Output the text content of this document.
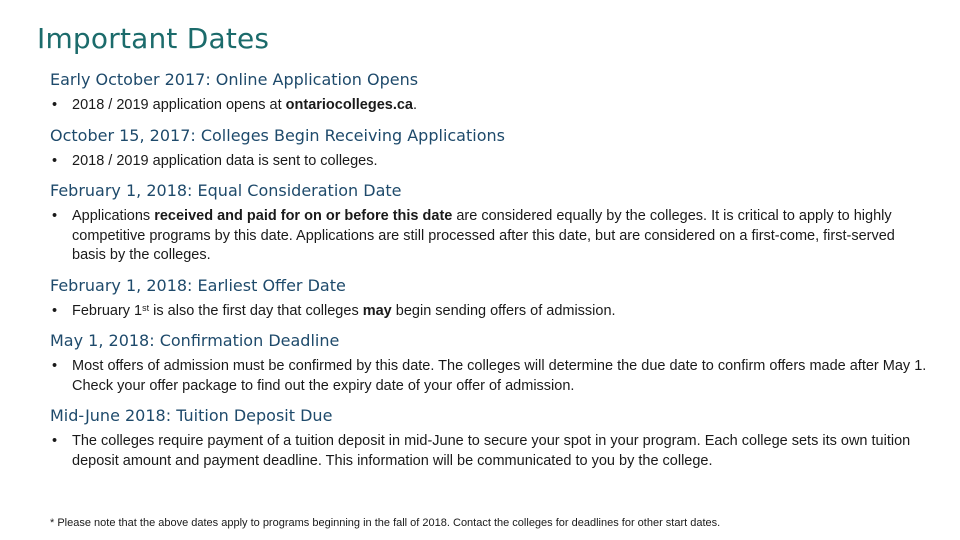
Important Dates
Early October 2017: Online Application Opens
• 2018 / 2019 application opens at ontariocolleges.ca.
October 15, 2017: Colleges Begin Receiving Applications
• 2018 / 2019 application data is sent to colleges.
February 1, 2018: Equal Consideration Date
• Applications received and paid for on or before this date are considered equally by the colleges. It is critical to apply to highly competitive programs by this date. Applications are still processed after this date, but are considered on a first-come, first-served basis by the colleges.
February 1, 2018: Earliest Offer Date
• February 1st is also the first day that colleges may begin sending offers of admission.
May 1, 2018: Confirmation Deadline
• Most offers of admission must be confirmed by this date. The colleges will determine the due date to confirm offers made after May 1. Check your offer package to find out the expiry date of your offer of admission.
Mid-June 2018: Tuition Deposit Due
• The colleges require payment of a tuition deposit in mid-June to secure your spot in your program. Each college sets its own tuition deposit amount and payment deadline. This information will be communicated to you by the college.
* Please note that the above dates apply to programs beginning in the fall of 2018. Contact the colleges for deadlines for other start dates.
